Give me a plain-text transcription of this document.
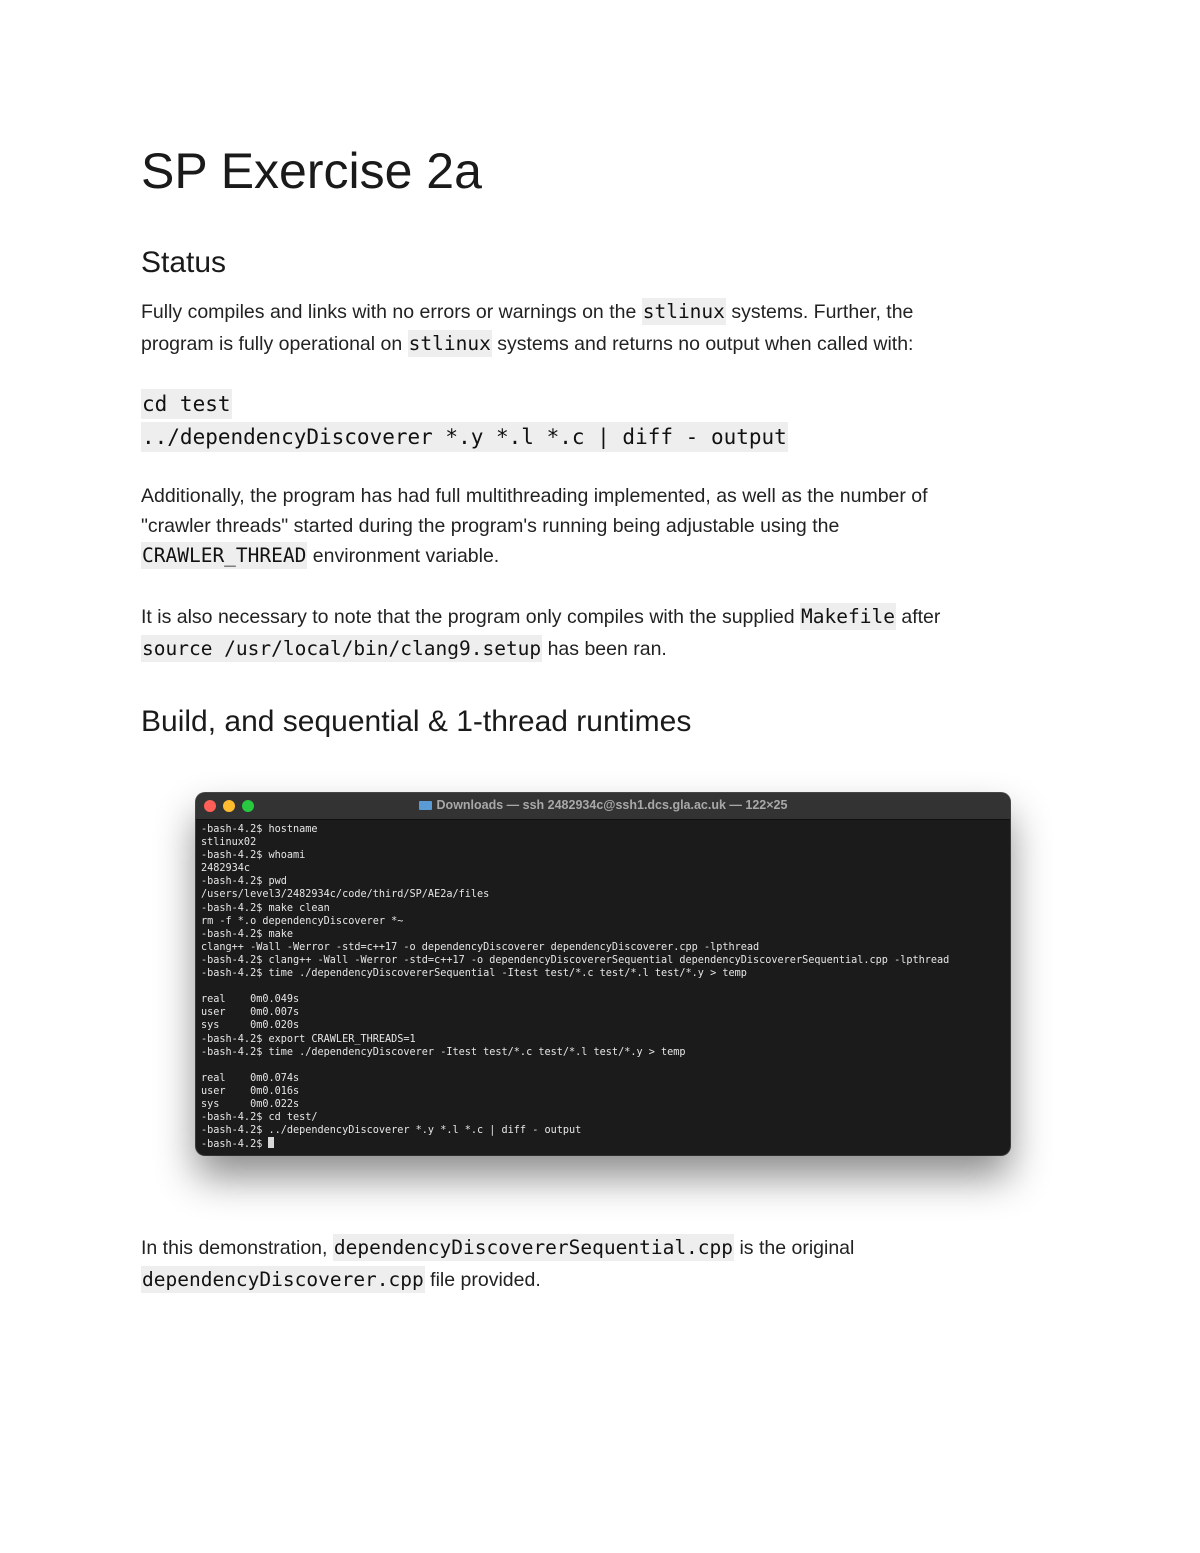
SP Exercise 2a
Status
Fully compiles and links with no errors or warnings on the stlinux systems. Further, the
program is fully operational on stlinux systems and returns no output when called with:
cd test
../dependencyDiscoverer *.y *.l *.c | diff - output
Additionally, the program has had full multithreading implemented, as well as the number of
"crawler threads" started during the program's running being adjustable using the
CRAWLER_THREAD environment variable.
It is also necessary to note that the program only compiles with the supplied Makefile after
source /usr/local/bin/clang9.setup has been ran.
Build, and sequential & 1-thread runtimes
In this demonstration, dependencyDiscovererSequential.cpp is the original
dependencyDiscoverer.cpp file provided.
Downloads — ssh 2482934c@ssh1.dcs.gla.ac.uk — 122×25
-bash-4.2$ hostname
stlinux02
-bash-4.2$ whoami
2482934c
-bash-4.2$ pwd
/users/level3/2482934c/code/third/SP/AE2a/files
-bash-4.2$ make clean
rm -f *.o dependencyDiscoverer *~
-bash-4.2$ make
clang++ -Wall -Werror -std=c++17 -o dependencyDiscoverer dependencyDiscoverer.cpp -lpthread
-bash-4.2$ clang++ -Wall -Werror -std=c++17 -o dependencyDiscovererSequential dependencyDiscovererSequential.cpp -lpthread
-bash-4.2$ time ./dependencyDiscovererSequential -Itest test/*.c test/*.l test/*.y > temp
real    0m0.049s
user    0m0.007s
sys     0m0.020s
-bash-4.2$ export CRAWLER_THREADS=1
-bash-4.2$ time ./dependencyDiscoverer -Itest test/*.c test/*.l test/*.y > temp
real    0m0.074s
user    0m0.016s
sys     0m0.022s
-bash-4.2$ cd test/
-bash-4.2$ ../dependencyDiscoverer *.y *.l *.c | diff - output
-bash-4.2$
